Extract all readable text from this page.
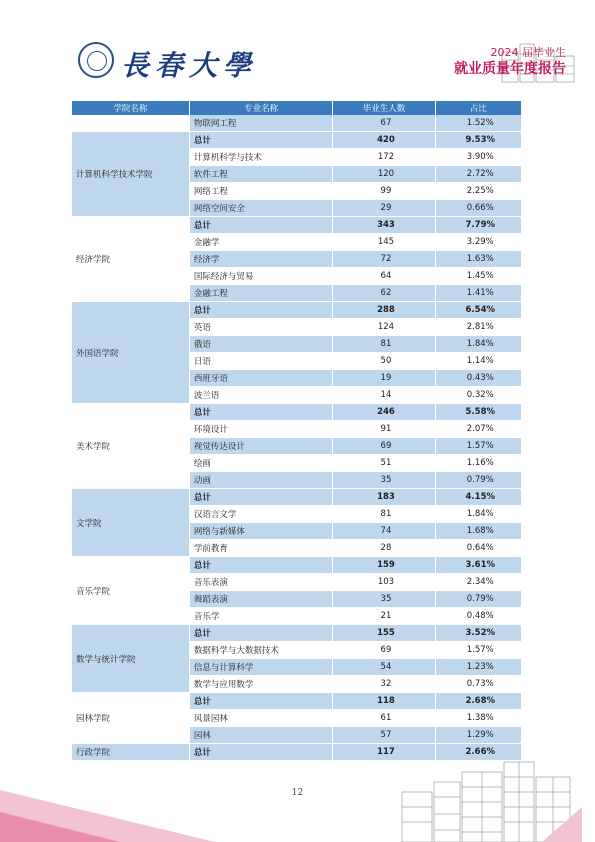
長春大學	2024 届毕业生
就业质量年度报告
学院名称	专业名称	毕业生人数	占比
	物联网工程	67	1.52%
计算机科学技术学院	总计	420	9.53%
	计算机科学与技术	172	3.90%
	软件工程	120	2.72%
	网络工程	99	2.25%
	网络空间安全	29	0.66%
经济学院	总计	343	7.79%
	金融学	145	3.29%
	经济学	72	1.63%
	国际经济与贸易	64	1.45%
	金融工程	62	1.41%
外国语学院	总计	288	6.54%
	英语	124	2.81%
	俄语	81	1.84%
	日语	50	1.14%
	西班牙语	19	0.43%
	波兰语	14	0.32%
美术学院	总计	246	5.58%
	环境设计	91	2.07%
	视觉传达设计	69	1.57%
	绘画	51	1.16%
	动画	35	0.79%
文学院	总计	183	4.15%
	汉语言文学	81	1.84%
	网络与新媒体	74	1.68%
	学前教育	28	0.64%
音乐学院	总计	159	3.61%
	音乐表演	103	2.34%
	舞蹈表演	35	0.79%
	音乐学	21	0.48%
数学与统计学院	总计	155	3.52%
	数据科学与大数据技术	69	1.57%
	信息与计算科学	54	1.23%
	数学与应用数学	32	0.73%
园林学院	总计	118	2.68%
	风景园林	61	1.38%
	园林	57	1.29%
行政学院	总计	117	2.66%
12
